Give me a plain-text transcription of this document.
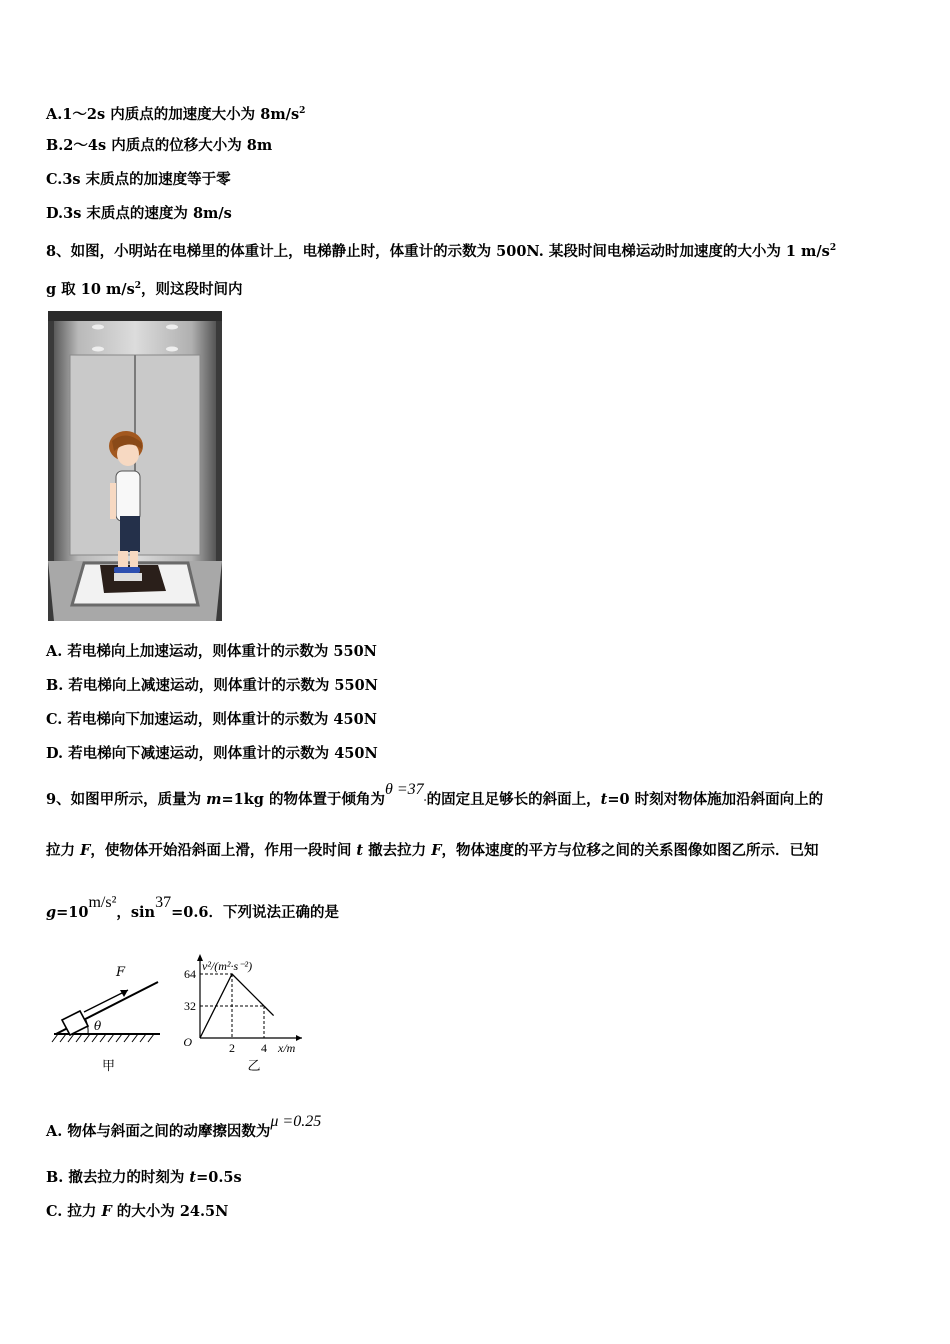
A.1～2s 内质点的加速度大小为 $8m/s^2$
B.2～4s 内质点的位移大小为 8m
C.3s 末质点的加速度等于零
D.3s 末质点的速度为 8m/s
8、如图，小明站在电梯里的体重计上，电梯静止时，体重计的示数为 500N. 某段时间电梯运动时加速度的大小为 1 $m/s^2$
g 取 10 $m/s^2$，则这段时间内
A. 若电梯向上加速运动，则体重计的示数为 550N
B. 若电梯向上减速运动，则体重计的示数为 550N
C. 若电梯向下加速运动，则体重计的示数为 450N
D. 若电梯向下减速运动，则体重计的示数为 450N
9、如图甲所示，质量为 m=1kg 的物体置于倾角为θ =37°的固定且足够长的斜面上，t=0 时刻对物体施加沿斜面向上的
拉力 F，使物体开始沿斜面上滑，作用一段时间 t 撤去拉力 F，物体速度的平方与位移之间的关系图像如图乙所示．已知
g=10m/s²，sin37=0.6．下列说法正确的是
F
θ
甲
v²/(m²·s⁻²)
64
32
O	2 4 x/m
乙
A. 物体与斜面之间的动摩擦因数为μ =0.25
B. 撤去拉力的时刻为 t=0.5s
C. 拉力 F 的大小为 24.5N
